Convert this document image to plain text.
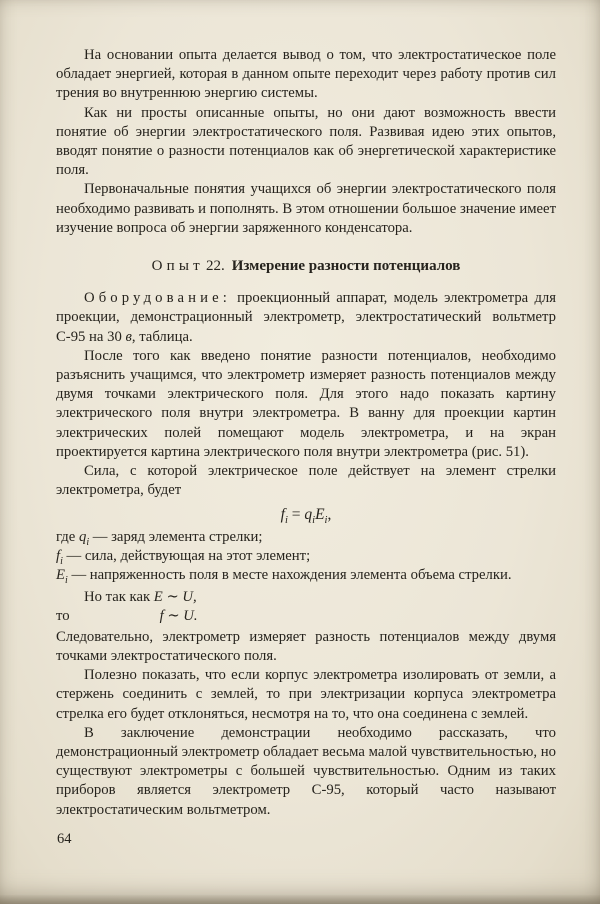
На основании опыта делается вывод о том, что электростатическое поле обладает энергией, которая в данном опыте переходит через работу против сил трения во внутреннюю энергию системы.

Как ни просты описанные опыты, но они дают возможность ввести понятие об энергии электростатического поля. Развивая идею этих опытов, вводят понятие о разности потенциалов как об энергетической характеристике поля.

Первоначальные понятия учащихся об энергии электростатического поля необходимо развивать и пополнять. В этом отношении большое значение имеет изучение вопроса об энергии заряженного конденсатора.

Опыт 22. Измерение разности потенциалов

Оборудование: проекционный аппарат, модель электрометра для проекции, демонстрационный электрометр, электростатический вольтметр С-95 на 30 в, таблица.

После того как введено понятие разности потенциалов, необходимо разъяснить учащимся, что электрометр измеряет разность потенциалов между двумя точками электрического поля. Для этого надо показать картину электрического поля внутри электрометра. В ванну для проекции картин электрических полей помещают модель электрометра, и на экран проектируется картина электрического поля внутри электрометра (рис. 51).

Сила, с которой электрическое поле действует на элемент стрелки электрометра, будет

$f_i = q_iE_i$,

где $q_i$ — заряд элемента стрелки;

$f_i$ — сила, действующая на этот элемент;

$E_i$ — напряженность поля в месте нахождения элемента объема стрелки.

Но так как E ∼ U,
то	f ∼ U.

Следовательно, электрометр измеряет разность потенциалов между двумя точками электростатического поля.

Полезно показать, что если корпус электрометра изолировать от земли, а стержень соединить с землей, то при электризации корпуса электрометра стрелка его будет отклоняться, несмотря на то, что она соединена с землей.

В заключение демонстрации необходимо рассказать, что демонстрационный электрометр обладает весьма малой чувствительностью, но существуют электрометры с большей чувствительностью. Одним из таких приборов является электрометр С-95, который часто называют электростатическим вольтметром.

64
